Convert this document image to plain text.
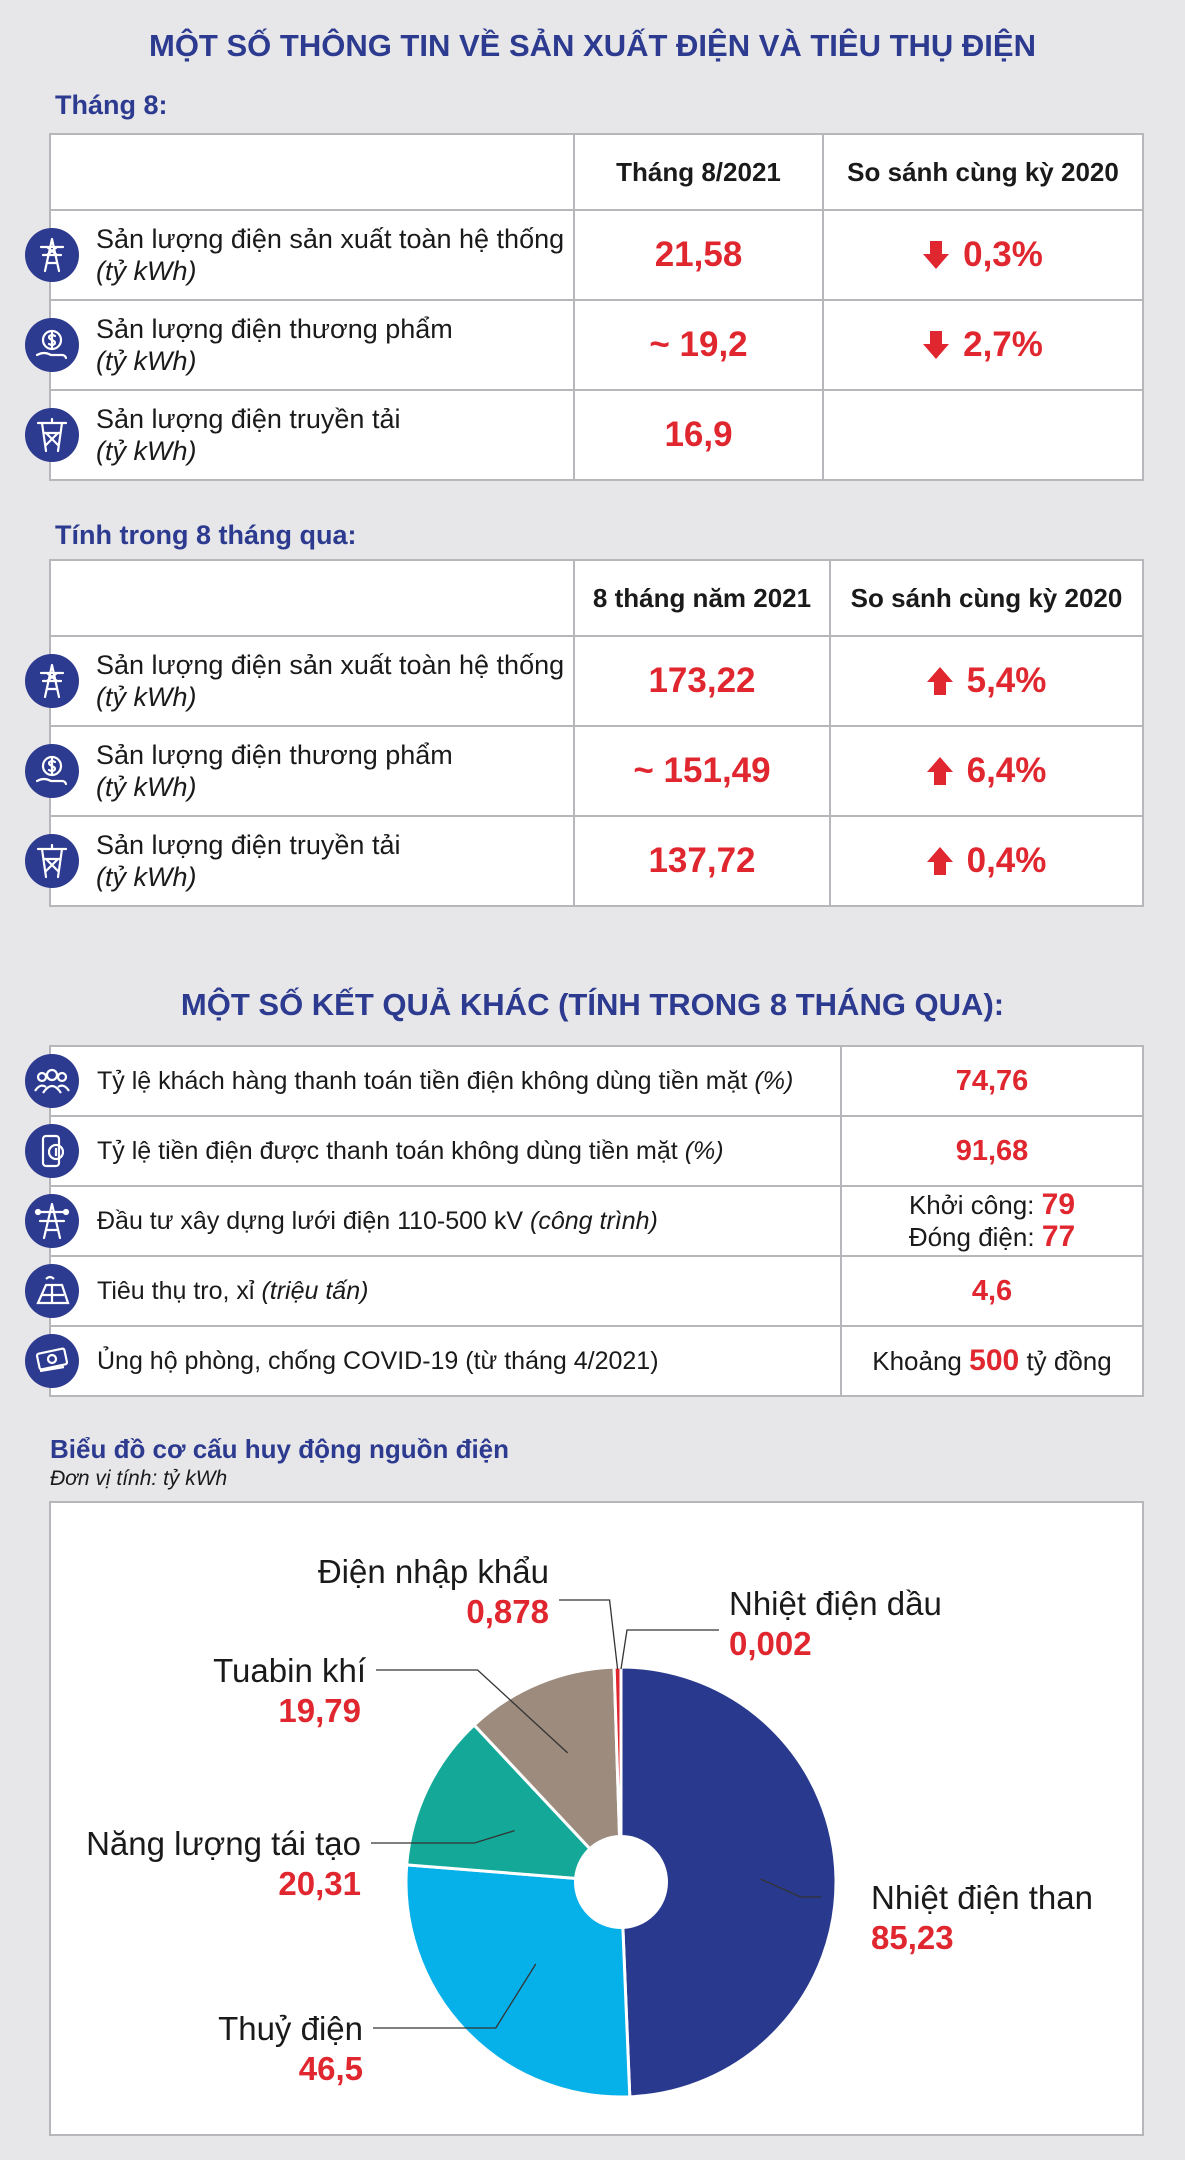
MỘT SỐ THÔNG TIN VỀ SẢN XUẤT ĐIỆN VÀ TIÊU THỤ ĐIỆN
Tháng 8:
	Tháng 8/2021	So sánh cùng kỳ 2020

Sản lượng điện sản xuất toàn hệ thống
(tỷ kWh)	21,58	0,3%

Sản lượng điện thương phẩm
(tỷ kWh)	~ 19,2	2,7%

Sản lượng điện truyền tải
(tỷ kWh)	16,9	
Tính trong 8 tháng qua:
	8 tháng năm 2021	So sánh cùng kỳ 2020

Sản lượng điện sản xuất toàn hệ thống
(tỷ kWh)	173,22	5,4%

Sản lượng điện thương phẩm
(tỷ kWh)	~ 151,49	6,4%

Sản lượng điện truyền tải
(tỷ kWh)	137,72	0,4%
MỘT SỐ KẾT QUẢ KHÁC (TÍNH TRONG 8 THÁNG QUA):
Tỷ lệ khách hàng thanh toán tiền điện không dùng tiền mặt (%)	74,76

Tỷ lệ tiền điện được thanh toán không dùng tiền mặt (%)	91,68

Đầu tư xây dựng lưới điện 110-500 kV (công trình)	Khởi công: 79
Đóng điện: 77

Tiêu thụ tro, xỉ (triệu tấn)	4,6

Ủng hộ phòng, chống COVID-19 (từ tháng 4/2021)	Khoảng 500 tỷ đồng
Biểu đồ cơ cấu huy động nguồn điện
Đơn vị tính: tỷ kWh
Nhiệt điện than
85,23
Thuỷ điện
46,5
Năng lượng tái tạo
20,31
Tuabin khí
19,79
Điện nhập khẩu
0,878	Nhiệt điện dầu
0,002
